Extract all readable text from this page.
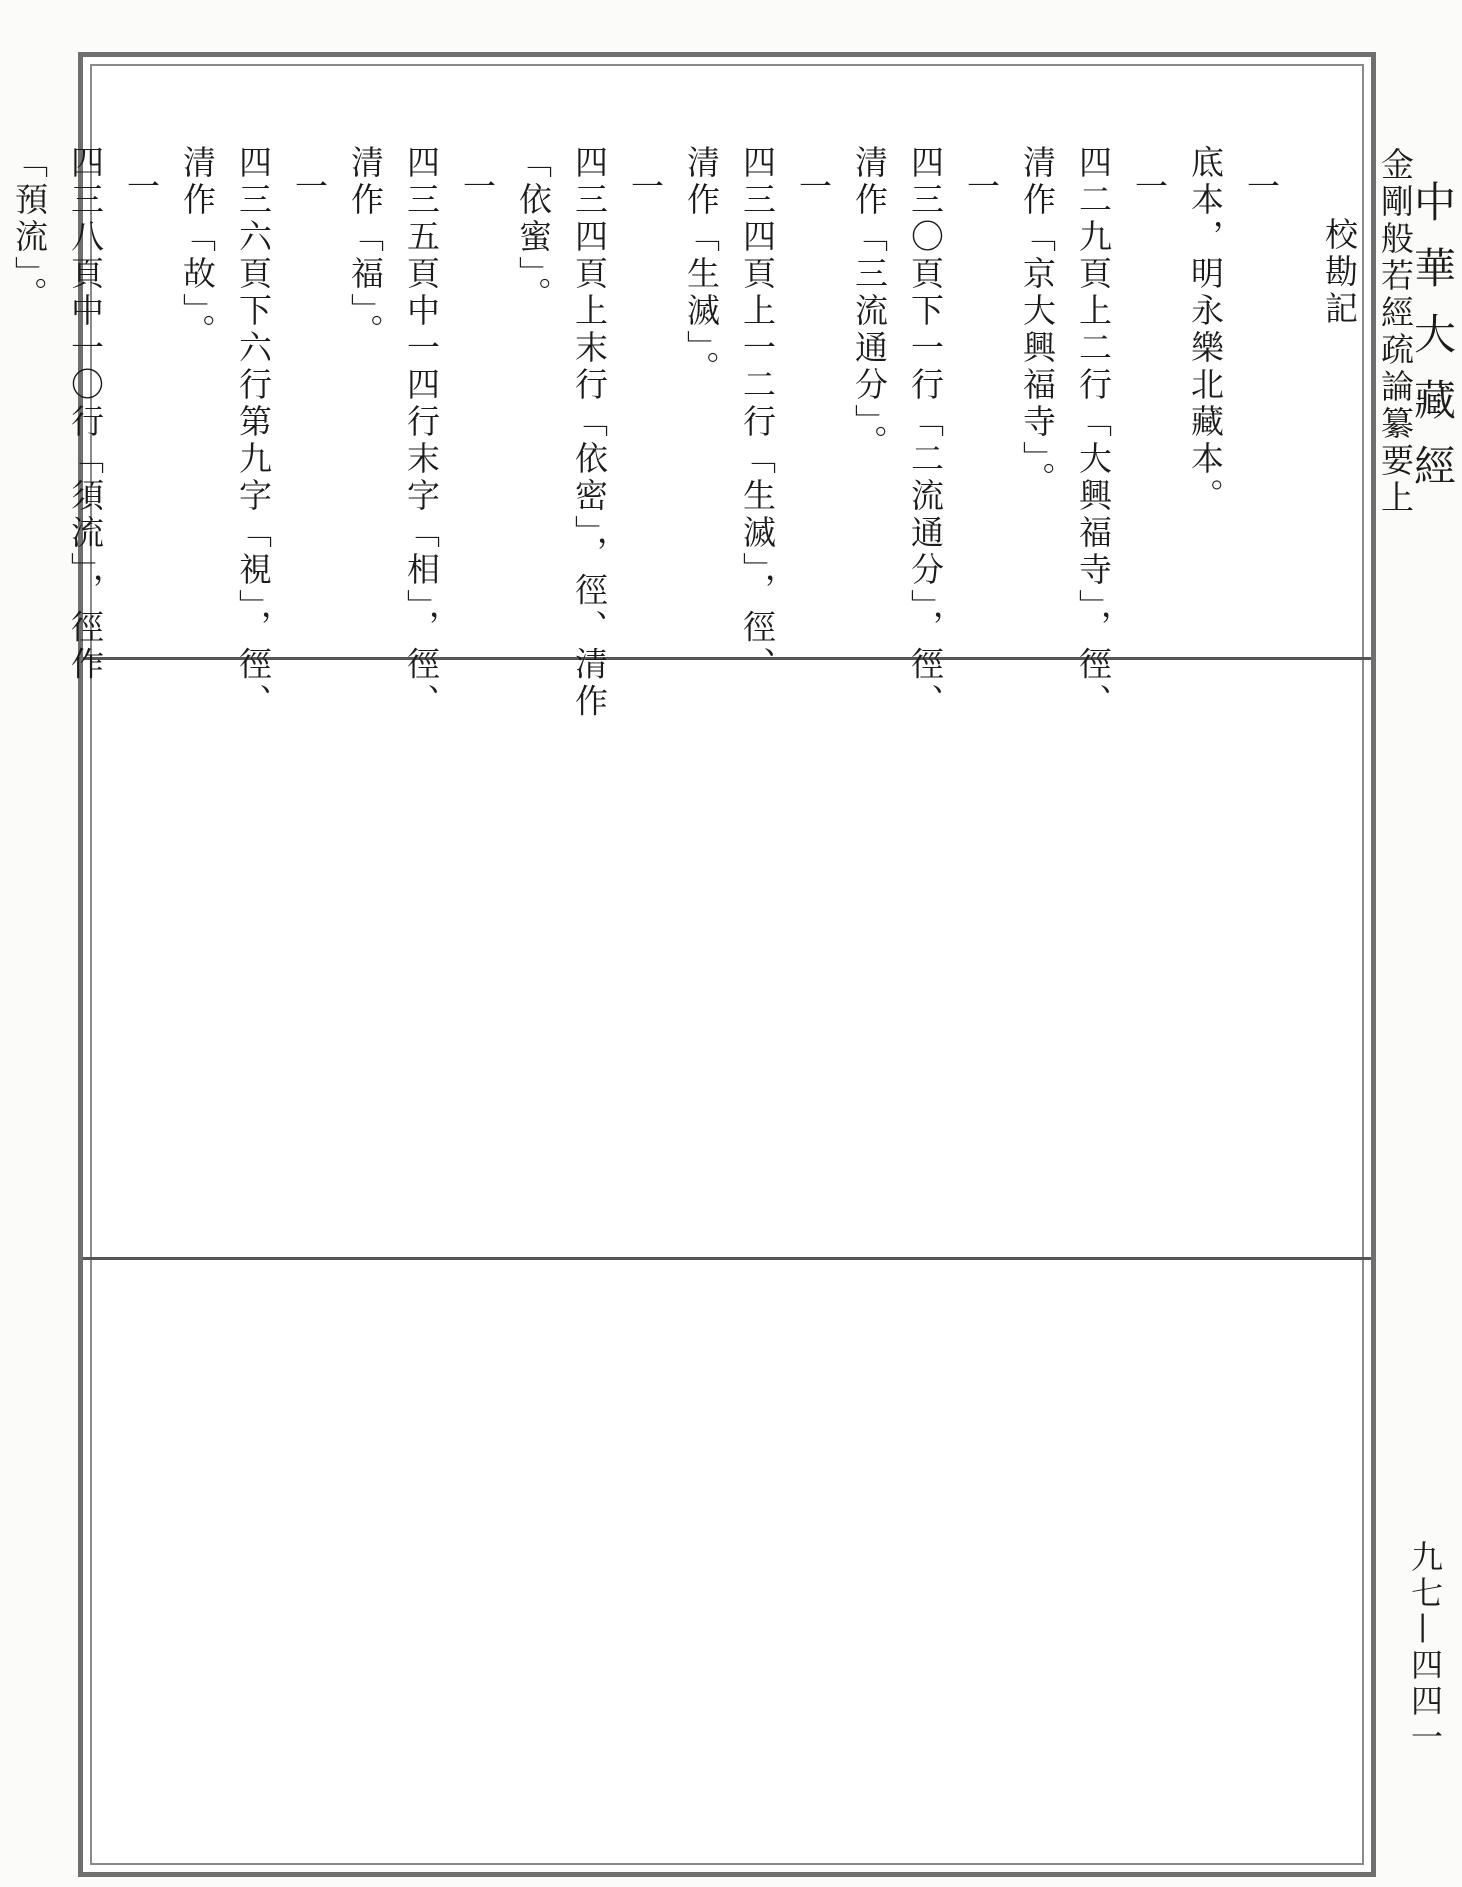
金剛般若經疏論纂要上

校勘記

一

底本，明永樂北藏本。

一

四二九頁上二行「大興福寺」，徑、

清作「京大興福寺」。

一

四三〇頁下一行「二流通分」，徑、

清作「三流通分」。

一

四三四頁上一二行「生滅」，徑、

清作「生滅」。

一

四三四頁上末行「依密」，徑、清作

「依蜜」。

一

四三五頁中一四行末字「相」，徑、

清作「福」。

一

四三六頁下六行第九字「視」，徑、

清作「故」。

一

四三八頁中一〇行「須流」，徑作

「預流」。	中華大藏經
九七—四四一
